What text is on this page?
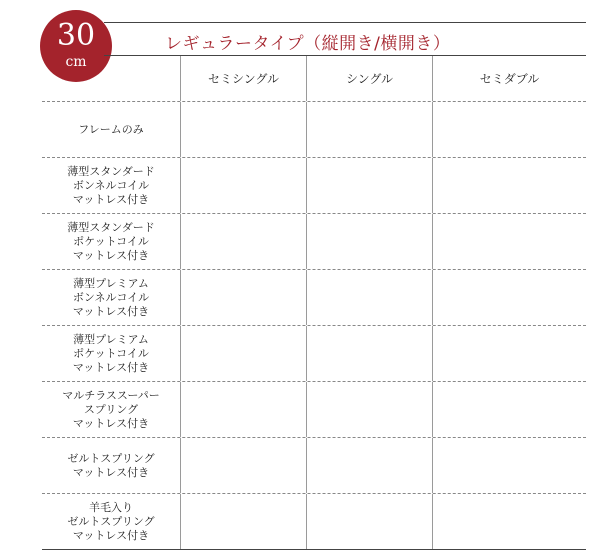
30
cm
レギュラータイプ（縦開き/横開き）
セミシングル	シングル	セミダブル
フレームのみ
薄型スタンダード
ボンネルコイル
マットレス付き
薄型スタンダード
ポケットコイル
マットレス付き
薄型プレミアム
ボンネルコイル
マットレス付き
薄型プレミアム
ポケットコイル
マットレス付き
マルチラススーパー
スプリング
マットレス付き
ゼルトスプリング
マットレス付き
羊毛入り
ゼルトスプリング
マットレス付き
